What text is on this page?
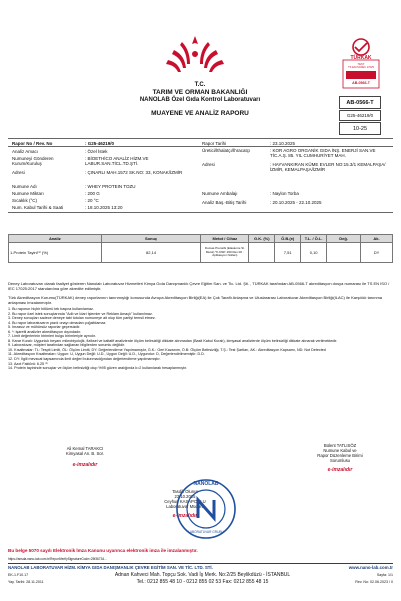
TÜRKAK
TEST
TS EN ISO/IEC 17025
AB-0566-T
T.C.
TARIM VE ORMAN BAKANLIĞI
NANOLAB Özel Gıda Kontrol Laboratuvarı
MUAYENE VE ANALİZ RAPORU
AB-0566-T
G25-46219/0
10-25
Rapor No / Rev. No	: G25-46219/0
Analiz Amacı	: Özel İstek
Numuneyi Gönderen Kurum/Kuruluş
: BİOETHİCO ANALİZ HİZM.VE LABUR.SAN.TİCL.TD.ŞTİ.
Adresi	: ÇINARLI MAH.1572 SK.NO: 33, KONAK/İZMİR
Numune Adı	: WHEY PROTEIN TOZU
Numune Miktarı	: 200 G
Sıcaklık (°C)	: 20 °C
Num. Kabul Tarihi & Saati	: 18.10.2025 13:20
Rapor Tarihi	: 23.10.2025
Üretici/İthalatçı/İhracatçı	: KOR AGRO ORGANİK GIDA İNŞ. ENERJİ SAN.VE TİC.A.Ş. 85. YIL CUMHURİYET MAH.
Adresi	: HAYVANKIRAN KÜME EVLER NO:15.3/1 KEMALPAŞA/İZMİR, KEMALPAŞA/İZMİR
Numune Ambalajı	: Naylon Torba
Analiz Baş.-Bitiş Tarihi	: 20.10.2025 - 22.10.2025
Analiz	Sonuç	Metot / Cihaz	G.K. (%)	Ö.B.(±)	T.L. / Ö.L.	Değ.	Ak.
1-Protein Tayini⁽¹⁾ (%)	82,14	Dumas Prensibi (Elaslenre Sl. Metot) *K.DSP. 260 Rev 00 · Aplikasyon Notları)		7,51	0,10		DY
Deney Laboratuvarı olarak faaliyet gösteren Nanolab Laboratuvar Hizmetleri Kimya Gıda Danışmanlık Çevre Eğitim San. ve Tic. Ltd. Şti. , TÜRKAK tarafından AB-0566-T akreditasyon dosya numarası ile TS EN ISO / IEC 17025:2017 standardına göre akredite edilmiştir.
Türk Akreditasyon Kurumu(TÜRKAK) deney raporlarının tanınmışlığı konusunda Avrupa Akreditasyon Birliği(EA) ile Çok Taraflı Anlaşma ve Uluslararası Laboratuvar Akreditasyon Birliği(ILAC) ile Karşılıklı tanınma anlaşması imzalanmıştır.
1. Bu raporun hiçbir bölümü tek başına kullanılamaz.
2. Bu rapor özel istek sonuçlarında "Adlı ve İdari İşlemler ve Reklam Amaçlı" kullanılmaz.
3. Deney sonuçları sadece deneye tabi tutulan numuneye ait olup tüm partiyi temsil etmez.
4. Bu rapor laboratuvarın yazılı onayı olmadan çoğaltılamaz.
5. İmzasız ve mühürsüz raporlar geçersizdir.
6. *: işaretli analizler akreditasyon dışındadır.
7. Limit değerlerinin birimleri bulgu birimleriyle aynıdır.
8. Karar Kuralı: Uygunluk beyanı mikrobiyolojik, fiziksel ve kaltatif analizlerde ölçüm belirsizliği dikkate alınmadan (Basit Kabul Kuralı), kimyasal analizlerde ölçüm belirsizliği dikkate alınarak verilmektedir.
9. Laboratuvar, müşteri tarafından sağlanan bilgilerden sorumlu değildir.
10. Kısaltmalar: TL: Tespit Limiti, ÖL: Ölçüm Limiti, DY: Değerlendirme Yapılmamıştır, G.K.: Geri Kazanım, Ö.B: Ölçüm Belirsizliği, T.Ş.: Test Şartları, AK.: Akreditasyon Kapsamı, ND: Not Detected
11. Akreditasyon Kısaltmaları: Uygun: U, Uygun Değil: U.D., Uygun Değil: U.D., Uygundur: D, Değerlendirilmemiştir: D.D.
12. DY: İlgili mevzuat kapsamında limit değeri bulunmadığından değerlendirme yapılmamıştır.
13. Azot Faktörü: 6.25 ⁽¹⁾
14. Protein tayininde sonuçlar ve ölçüm belirsizliği olup %95 güven aralığında k=2 kullanılarak hesaplanmıştır.
Ali Kemal TARAKCI
Kimyasal An. B. Sor.
e-imzalıdır
Bülent TATLISÖZ
Numune Kabul ve
Rapor Düzenleme Birimi
Sorumlusu
e-imzalıdır
Tasdik Olunur
23.10.2025
Ceyhun KASAPOĞLU
Laboratuvar Müdürü
e-imzalıdır
NANOLAB
LABORATUVAR GRUBU
Bu belge 5070 sayılı Elektronik İmza Kanunu uyarınca elektronik imza ile imzalanmıştır.
https://ansda.nano-lab.com.tr/ReportVerifySignatureCode=25f36734...
NANOLAB LABORATUVAR HİZM. KİMYA GIDA DANIŞMANLIK ÇEVRE EGİTİM SAN. VE TİC. LTD. STİ.	www.nano-lab.com.tr
EK-1.F10.17	Adnan Kahveci Mah. Topçu Sok. Vadi İş Merk. No:2/25 Beylikdüzü - İSTANBUL	Sayfa: 1/1
Yay. Tarihi: 28.11.2011	Tel.: 0212 855 48 10 - 0212 855 02 53 Fax: 0212 855 48 15	Rev. No: 02.06.2023 / 0
